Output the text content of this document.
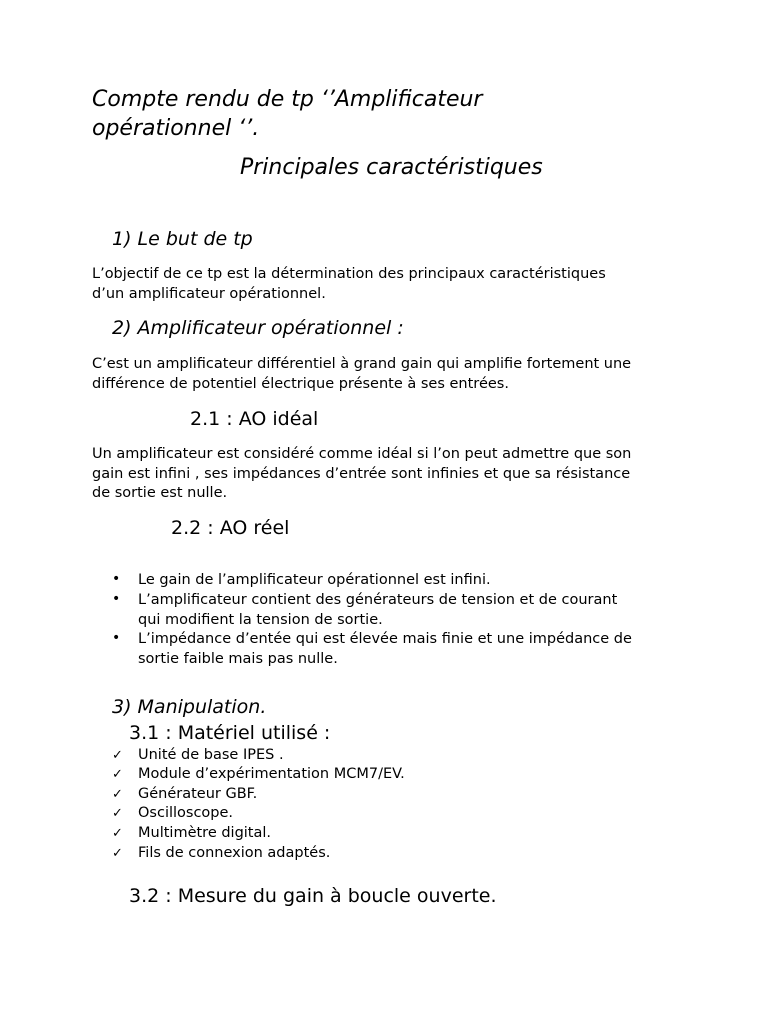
Compte rendu de tp ‘’Amplificateur
opérationnel ‘’.
Principales caractéristiques
1) Le but de tp
L’objectif de ce tp est la détermination des principaux caractéristiques
d’un amplificateur opérationnel.
2) Amplificateur opérationnel :
C’est un amplificateur différentiel à grand gain qui amplifie fortement une
différence de potentiel électrique présente à ses entrées.
2.1 : AO idéal
Un amplificateur est considéré comme idéal si l’on peut admettre que son
gain est infini , ses impédances d’entrée sont infinies et que sa résistance
de sortie est nulle.
2.2 : AO réel
• Le gain de l’amplificateur opérationnel est infini.
• L’amplificateur contient des générateurs de tension et de courant
qui modifient la tension de sortie.
• L’impédance d’entée qui est élevée mais finie et une impédance de
sortie faible mais pas nulle.
3) Manipulation.
3.1 : Matériel utilisé :
✓ Unité de base IPES .
✓ Module d’expérimentation MCM7/EV.
✓ Générateur GBF.
✓ Oscilloscope.
✓ Multimètre digital.
✓ Fils de connexion adaptés.
3.2 : Mesure du gain à boucle ouverte.
